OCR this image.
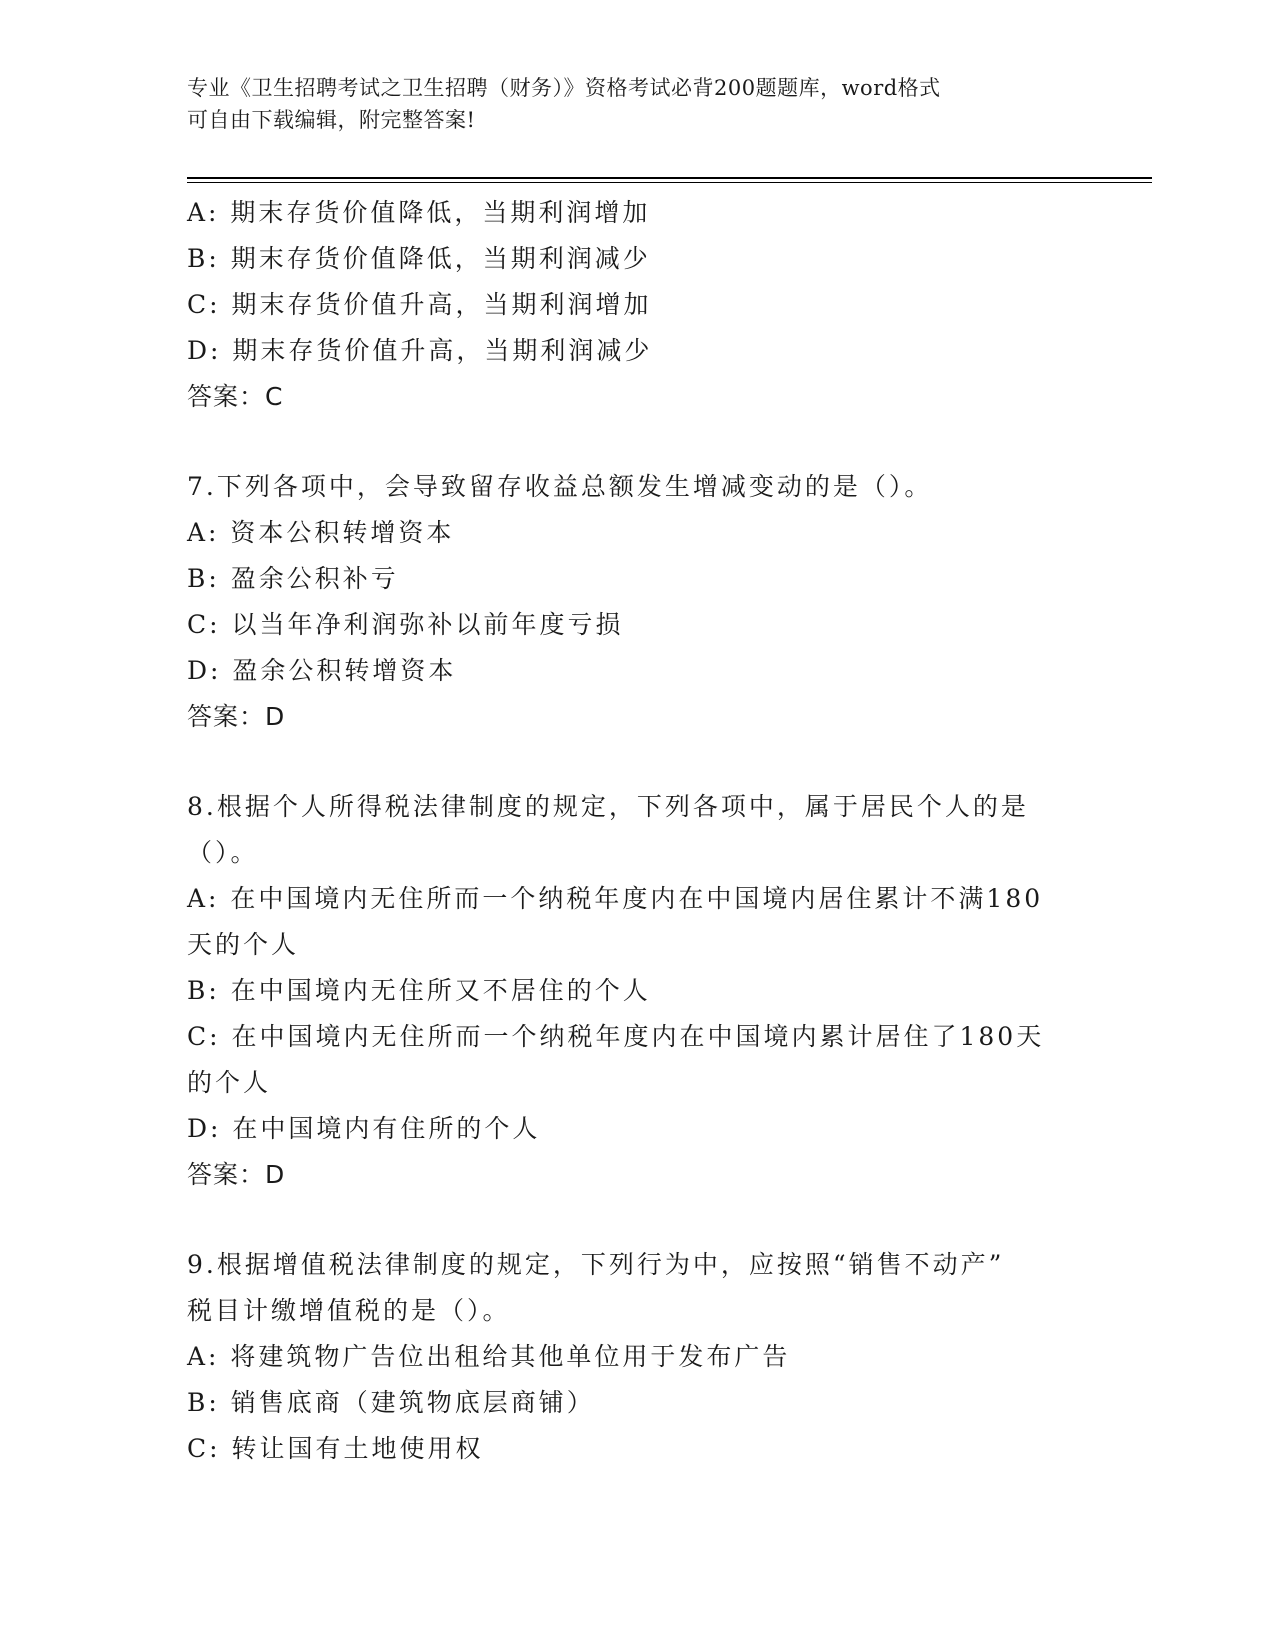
专业《卫生招聘考试之卫生招聘（财务）》资格考试必背200题题库，word格式
可自由下载编辑，附完整答案!
A: 期末存货价值降低，当期利润增加
B: 期末存货价值降低，当期利润减少
C: 期末存货价值升高，当期利润增加
D: 期末存货价值升高，当期利润减少
答案：C
7.下列各项中，会导致留存收益总额发生增减变动的是（）。
A: 资本公积转增资本
B: 盈余公积补亏
C: 以当年净利润弥补以前年度亏损
D: 盈余公积转增资本
答案：D
8.根据个人所得税法律制度的规定，下列各项中，属于居民个人的是
（）。
A: 在中国境内无住所而一个纳税年度内在中国境内居住累计不满180
天的个人
B: 在中国境内无住所又不居住的个人
C: 在中国境内无住所而一个纳税年度内在中国境内累计居住了180天
的个人
D: 在中国境内有住所的个人
答案：D
9.根据增值税法律制度的规定，下列行为中，应按照“销售不动产”
税目计缴增值税的是（）。
A: 将建筑物广告位出租给其他单位用于发布广告
B: 销售底商（建筑物底层商铺）
C: 转让国有土地使用权
